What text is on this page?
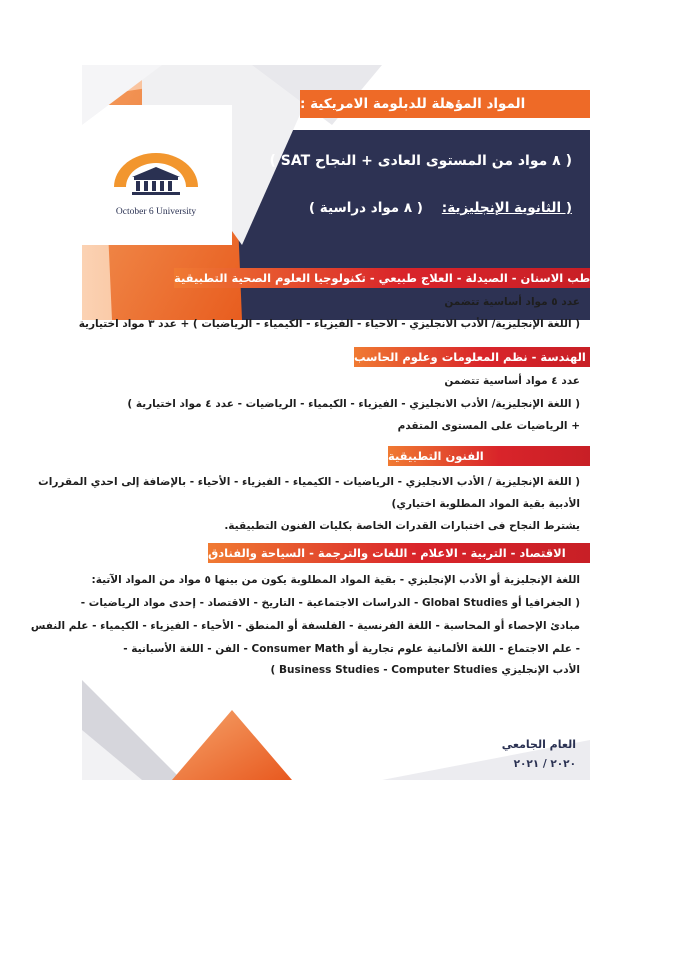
October 6 University
المواد المؤهلة للدبلومة الامريكية :
( ٨ مواد من المستوى العادى + النجاح SAT )
( الثانوية الإنجليزية:    ( ٨ مواد دراسية )
الطب والجراحة - طب الاسنان - الصيدلة - العلاج طبيعي - تكنولوجيا العلوم الصحية التطبيقية
عدد ٥ مواد أساسية تتضمن
( اللغة الإنجليزية/ الأدب الانجليزي - الاحياء - الفيزياء - الكيمياء - الرياضيات ) + عدد ٣ مواد اختيارية
الهندسة - نظم المعلومات وعلوم الحاسب
عدد ٤ مواد أساسية تتضمن
( اللغة الإنجليزية/ الأدب الانجليزي - الفيزياء - الكيمياء - الرياضيات - عدد ٤ مواد اختيارية )
+ الرياضيات على المستوى المتقدم
الفنون التطبيقية
( اللغة الإنجليزية / الأدب الانجليزي - الرياضيات - الكيمياء - الفيزياء - الأحياء - بالإضافة إلى احدي المقررات
الأدبية بقية المواد المطلوبة اختياري)
يشترط النجاح فى اختبارات القدرات الخاصة بكليات الفنون التطبيقية.
الاقتصاد - التربية - الاعلام - اللغات والترجمة - السياحة والفنادق
اللغة الإنجليزية أو الأدب الإنجليزي - بقية المواد المطلوبة يكون من بينها ٥ مواد من المواد الآتية:
( الجغرافيا أو Global Studies - الدراسات الاجتماعية - التاريخ - الاقتصاد - إحدى مواد الرياضيات -
مبادئ الإحصاء أو المحاسبة - اللغة الفرنسية - الفلسفة أو المنطق - الأحياء - الفيزياء - الكيمياء - علم النفس
- علم الاجتماع - اللغة الألمانية علوم تجارية أو Consumer Math - الفن - اللغة الأسبانية -
الأدب الإنجليزي Business Studies - Computer Studies )
العام الجامعي
٢٠٢٠ / ٢٠٢١
